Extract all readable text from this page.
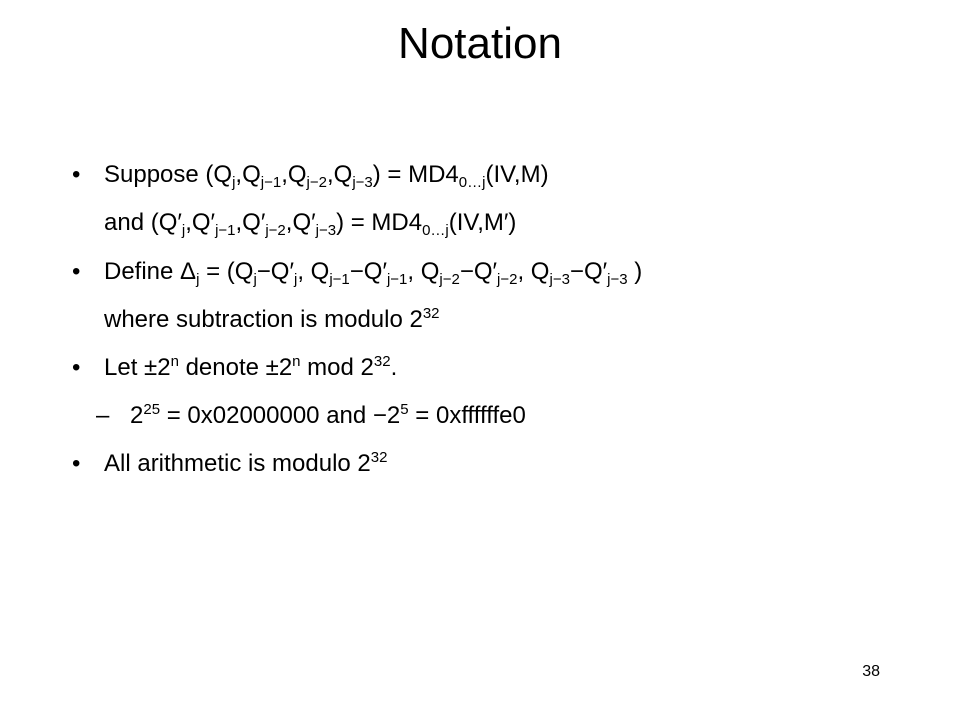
Notation
• Suppose $(Q_j,Q_{j-1},Q_{j-2},Q_{j-3}) = MD4_{0\dots j}(IV,M)$
and $(Q'_j,Q'_{j-1},Q'_{j-2},Q'_{j-3}) = MD4_{0\dots j}(IV,M')$
• Define $\Delta_j = (Q_j-Q'_j$, $Q_{j-1}-Q'_{j-1}$, $Q_{j-2}-Q'_{j-2}$, $Q_{j-3}-Q'_{j-3}$ )
where subtraction is modulo $2^{32}$
• Let $\pm 2^n$ denote $\pm 2^n$ mod $2^{32}$.
– $2^{25} = 0x02000000$ and $-2^5$ = 0xffffffe0
• All arithmetic is modulo $2^{32}$
38
